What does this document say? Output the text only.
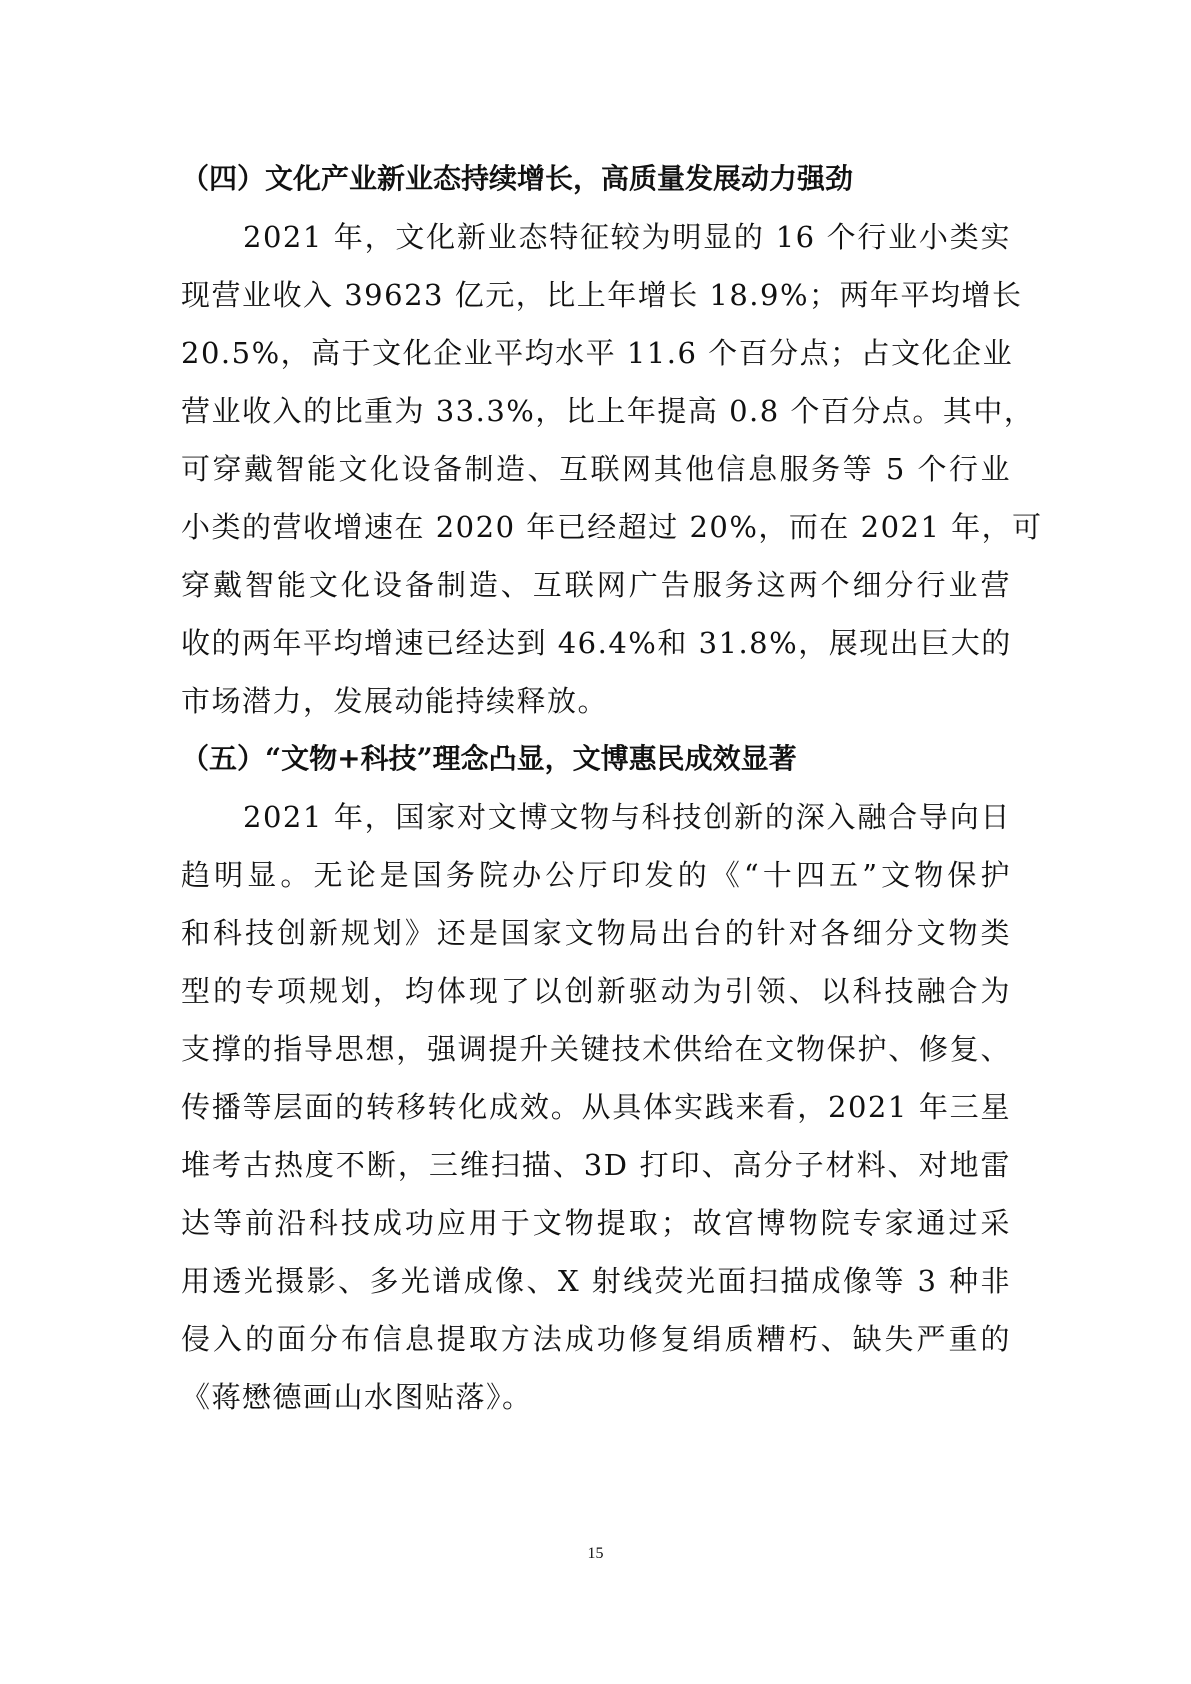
（四）文化产业新业态持续增长，高质量发展动力强劲
2021 年，文化新业态特征较为明显的 16 个行业小类实
现营业收入 39623 亿元，比上年增长 18.9%；两年平均增长
20.5%，高于文化企业平均水平 11.6 个百分点；占文化企业
营业收入的比重为 33.3%，比上年提高 0.8 个百分点。其中，
可穿戴智能文化设备制造、互联网其他信息服务等 5 个行业
小类的营收增速在 2020 年已经超过 20%，而在 2021 年，可
穿戴智能文化设备制造、互联网广告服务这两个细分行业营
收的两年平均增速已经达到 46.4%和 31.8%，展现出巨大的
市场潜力，发展动能持续释放。
（五）“文物+科技”理念凸显，文博惠民成效显著
2021 年，国家对文博文物与科技创新的深入融合导向日
趋明显。无论是国务院办公厅印发的《“十四五”文物保护
和科技创新规划》还是国家文物局出台的针对各细分文物类
型的专项规划，均体现了以创新驱动为引领、以科技融合为
支撑的指导思想，强调提升关键技术供给在文物保护、修复、
传播等层面的转移转化成效。从具体实践来看，2021 年三星
堆考古热度不断，三维扫描、3D 打印、高分子材料、对地雷
达等前沿科技成功应用于文物提取；故宫博物院专家通过采
用透光摄影、多光谱成像、X 射线荧光面扫描成像等 3 种非
侵入的面分布信息提取方法成功修复绢质糟朽、缺失严重的
《蒋懋德画山水图贴落》。
15
